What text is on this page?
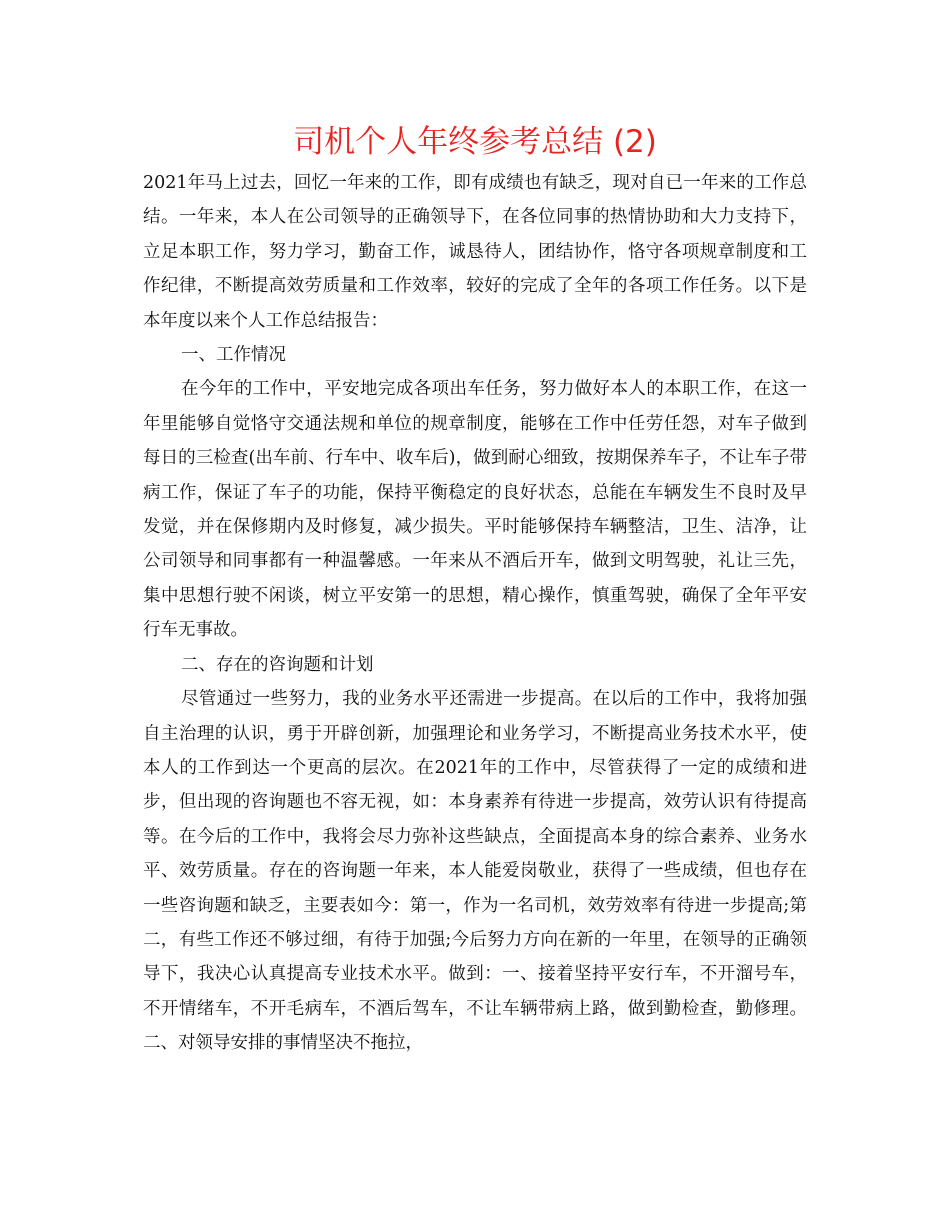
司机个人年终参考总结 (2)

2021年马上过去，回忆一年来的工作，即有成绩也有缺乏，现对自已一年来的工作总结。一年来，本人在公司领导的正确领导下，在各位同事的热情协助和大力支持下，立足本职工作，努力学习，勤奋工作，诚恳待人，团结协作，恪守各项规章制度和工作纪律，不断提高效劳质量和工作效率，较好的完成了全年的各项工作任务。以下是本年度以来个人工作总结报告：

一、工作情况

在今年的工作中，平安地完成各项出车任务，努力做好本人的本职工作，在这一年里能够自觉恪守交通法规和单位的规章制度，能够在工作中任劳任怨，对车子做到每日的三检查(出车前、行车中、收车后)，做到耐心细致，按期保养车子，不让车子带病工作，保证了车子的功能，保持平衡稳定的良好状态，总能在车辆发生不良时及早发觉，并在保修期内及时修复，减少损失。平时能够保持车辆整洁，卫生、洁净，让公司领导和同事都有一种温馨感。一年来从不酒后开车，做到文明驾驶，礼让三先，集中思想行驶不闲谈，树立平安第一的思想，精心操作，慎重驾驶，确保了全年平安行车无事故。

二、存在的咨询题和计划

尽管通过一些努力，我的业务水平还需进一步提高。在以后的工作中，我将加强自主治理的认识，勇于开辟创新，加强理论和业务学习，不断提高业务技术水平，使本人的工作到达一个更高的层次。在2021年的工作中，尽管获得了一定的成绩和进步，但出现的咨询题也不容无视，如：本身素养有待进一步提高，效劳认识有待提高等。在今后的工作中，我将会尽力弥补这些缺点，全面提高本身的综合素养、业务水平、效劳质量。存在的咨询题一年来，本人能爱岗敬业，获得了一些成绩，但也存在一些咨询题和缺乏，主要表如今：第一，作为一名司机，效劳效率有待进一步提高;第二，有些工作还不够过细，有待于加强;今后努力方向在新的一年里，在领导的正确领导下，我决心认真提高专业技术水平。做到：一、接着坚持平安行车，不开溜号车，不开情绪车，不开毛病车，不酒后驾车，不让车辆带病上路，做到勤检查，勤修理。二、对领导安排的事情坚决不拖拉，
